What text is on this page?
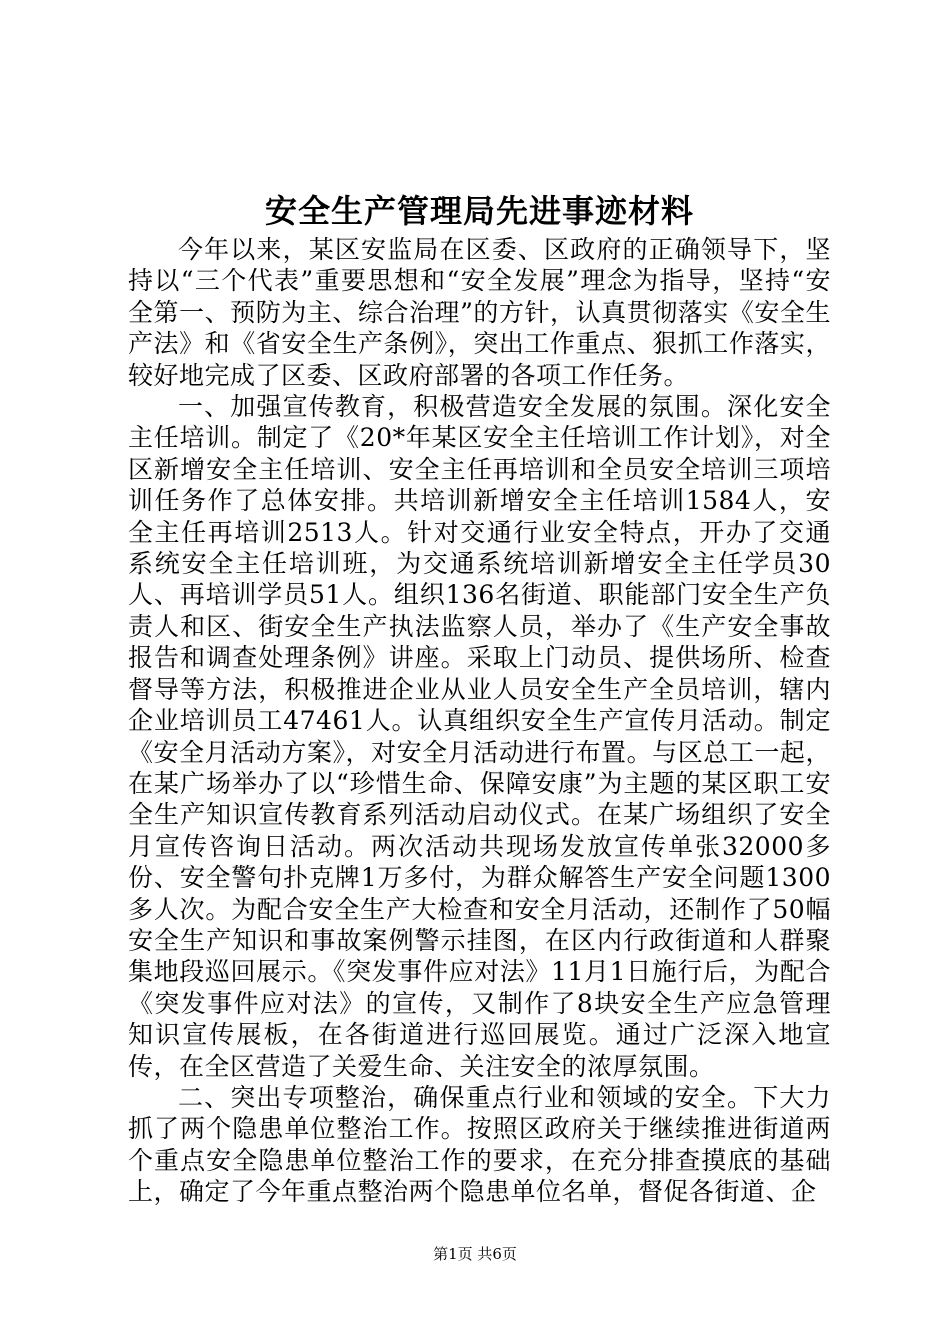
安全生产管理局先进事迹材料

今年以来，某区安监局在区委、区政府的正确领导下，坚持以“三个代表”重要思想和“安全发展”理念为指导，坚持“安全第一、预防为主、综合治理”的方针，认真贯彻落实《安全生产法》和《省安全生产条例》，突出工作重点、狠抓工作落实，较好地完成了区委、区政府部署的各项工作任务。

一、加强宣传教育，积极营造安全发展的氛围。深化安全主任培训。制定了《20*年某区安全主任培训工作计划》，对全区新增安全主任培训、安全主任再培训和全员安全培训三项培训任务作了总体安排。共培训新增安全主任培训1584人，安全主任再培训2513人。针对交通行业安全特点，开办了交通系统安全主任培训班，为交通系统培训新增安全主任学员30人、再培训学员51人。组织136名街道、职能部门安全生产负责人和区、街安全生产执法监察人员，举办了《生产安全事故报告和调查处理条例》讲座。采取上门动员、提供场所、检查督导等方法，积极推进企业从业人员安全生产全员培训，辖内企业培训员工47461人。认真组织安全生产宣传月活动。制定《安全月活动方案》，对安全月活动进行布置。与区总工一起，在某广场举办了以“珍惜生命、保障安康”为主题的某区职工安全生产知识宣传教育系列活动启动仪式。在某广场组织了安全月宣传咨询日活动。两次活动共现场发放宣传单张32000多份、安全警句扑克牌1万多付，为群众解答生产安全问题1300多人次。为配合安全生产大检查和安全月活动，还制作了50幅安全生产知识和事故案例警示挂图，在区内行政街道和人群聚集地段巡回展示。《突发事件应对法》11月1日施行后，为配合《突发事件应对法》的宣传，又制作了8块安全生产应急管理知识宣传展板，在各街道进行巡回展览。通过广泛深入地宣传，在全区营造了关爱生命、关注安全的浓厚氛围。

二、突出专项整治，确保重点行业和领域的安全。下大力抓了两个隐患单位整治工作。按照区政府关于继续推进街道两个重点安全隐患单位整治工作的要求，在充分排查摸底的基础上，确定了今年重点整治两个隐患单位名单，督促各街道、企

第1页 共6页
